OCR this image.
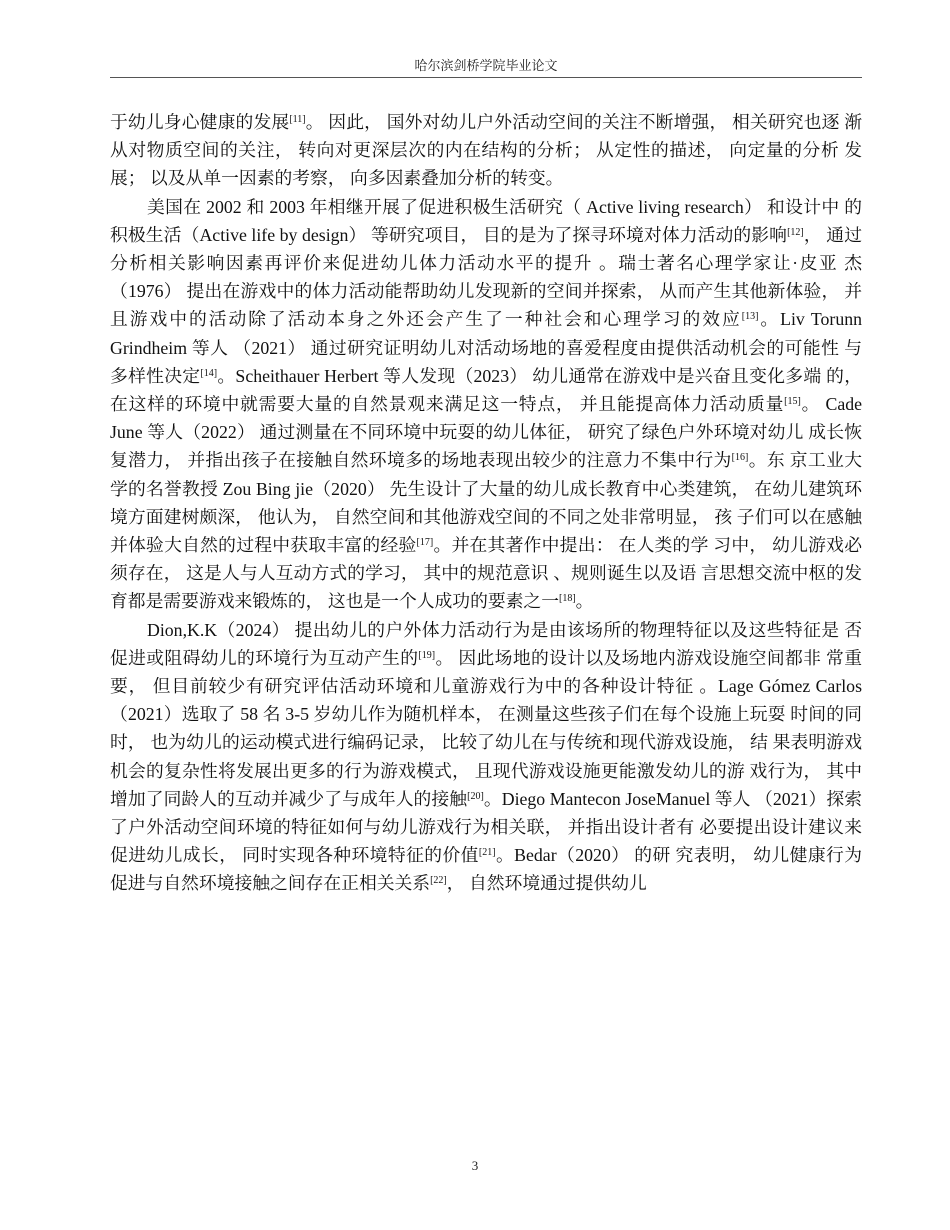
哈尔滨剑桥学院毕业论文

于幼儿身心健康的发展[11]。 因此， 国外对幼儿户外活动空间的关注不断增强， 相关研究也逐 渐从对物质空间的关注， 转向对更深层次的内在结构的分析； 从定性的描述， 向定量的分析 发展； 以及从单一因素的考察， 向多因素叠加分析的转变。

美国在 2002 和 2003 年相继开展了促进积极生活研究（ Active living research） 和设计中 的积极生活（Active life by design） 等研究项目， 目的是为了探寻环境对体力活动的影响[12]， 通过分析相关影响因素再评价来促进幼儿体力活动水平的提升 。瑞士著名心理学家让·皮亚 杰（1976） 提出在游戏中的体力活动能帮助幼儿发现新的空间并探索， 从而产生其他新体验， 并且游戏中的活动除了活动本身之外还会产生了一种社会和心理学习的效应[13]。Liv Torunn Grindheim 等人 （2021） 通过研究证明幼儿对活动场地的喜爱程度由提供活动机会的可能性 与多样性决定[14]。Scheithauer Herbert 等人发现（2023） 幼儿通常在游戏中是兴奋且变化多端 的， 在这样的环境中就需要大量的自然景观来满足这一特点， 并且能提高体力活动质量[15]。 Cade June 等人（2022） 通过测量在不同环境中玩耍的幼儿体征， 研究了绿色户外环境对幼儿 成长恢复潜力， 并指出孩子在接触自然环境多的场地表现出较少的注意力不集中行为[16]。东 京工业大学的名誉教授 Zou Bing jie（2020） 先生设计了大量的幼儿成长教育中心类建筑， 在幼儿建筑环境方面建树颇深， 他认为， 自然空间和其他游戏空间的不同之处非常明显， 孩 子们可以在感触并体验大自然的过程中获取丰富的经验[17]。并在其著作中提出： 在人类的学 习中， 幼儿游戏必须存在， 这是人与人互动方式的学习， 其中的规范意识 、规则诞生以及语 言思想交流中枢的发育都是需要游戏来锻炼的， 这也是一个人成功的要素之一[18]。

Dion,K.K（2024） 提出幼儿的户外体力活动行为是由该场所的物理特征以及这些特征是 否促进或阻碍幼儿的环境行为互动产生的[19]。 因此场地的设计以及场地内游戏设施空间都非 常重要， 但目前较少有研究评估活动环境和儿童游戏行为中的各种设计特征 。Lage Gómez Carlos（2021）选取了 58 名 3-5 岁幼儿作为随机样本， 在测量这些孩子们在每个设施上玩耍 时间的同时， 也为幼儿的运动模式进行编码记录， 比较了幼儿在与传统和现代游戏设施， 结 果表明游戏机会的复杂性将发展出更多的行为游戏模式， 且现代游戏设施更能激发幼儿的游 戏行为， 其中增加了同龄人的互动并减少了与成年人的接触[20]。Diego Mantecon JoseManuel 等人 （2021）探索了户外活动空间环境的特征如何与幼儿游戏行为相关联， 并指出设计者有 必要提出设计建议来促进幼儿成长， 同时实现各种环境特征的价值[21]。Bedar（2020） 的研 究表明， 幼儿健康行为促进与自然环境接触之间存在正相关关系[22]， 自然环境通过提供幼儿

3
